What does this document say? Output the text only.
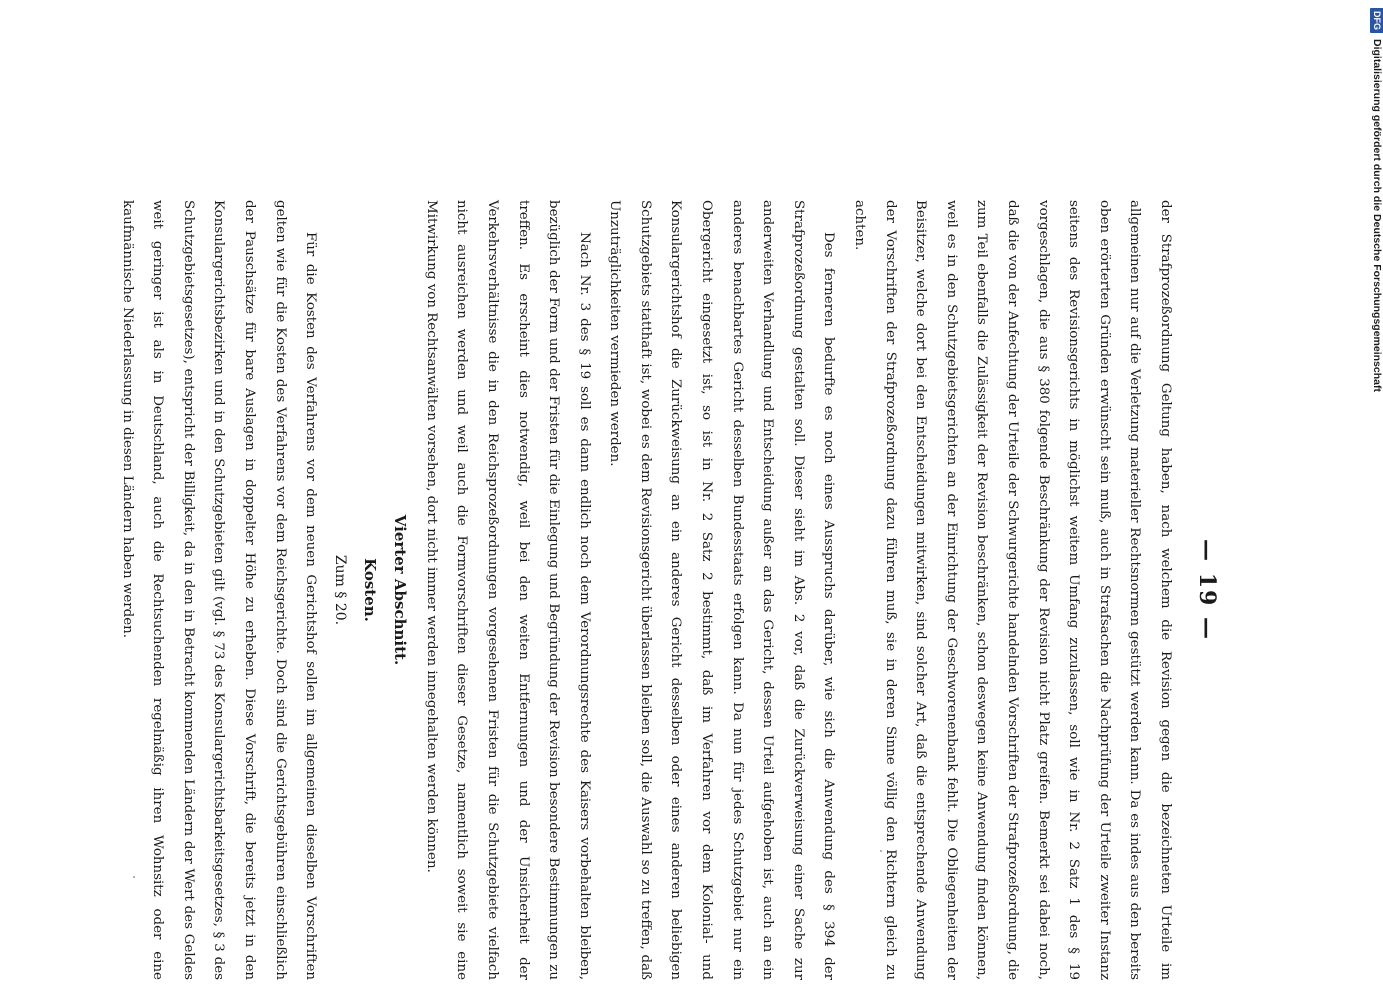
— 19 —

der Strafprozeßordnung Geltung haben, nach welchem die Revision gegen die bezeichneten Urteile im allgemeinen nur auf die Verletzung materieller Rechtsnormen gestützt werden kann. Da es indes aus den bereits oben erörterten Gründen erwünscht sein muß, auch in Strafsachen die Nachprüfung der Urteile zweiter Instanz seitens des Revisionsgerichts in möglichst weitem Umfang zuzulassen, soll wie in Nr. 2 Satz 1 des § 19 vorgeschlagen, die aus § 380 folgende Beschränkung der Revision nicht Platz greifen. Bemerkt sei dabei noch, daß die von der Anfechtung der Urteile der Schwurgerichte handelnden Vorschriften der Strafprozeßordnung, die zum Teil ebenfalls die Zulässigkeit der Revision beschränken, schon deswegen keine Anwendung finden können, weil es in den Schutzgebietsgerichten an der Einrichtung der Geschworenenbank fehlt. Die Obliegenheiten der Beisitzer, welche dort bei den Entscheidungen mitwirken, sind solcher Art, daß die entsprechende Anwendung der Vorschriften der Strafprozeßordnung dazu führen muß, sie in deren Sinne völlig den Richtern gleich zu achten.

Des ferneren bedurfte es noch eines Ausspruchs darüber, wie sich die Anwendung des § 394 der Strafprozeßordnung gestalten soll. Dieser sieht im Abs. 2 vor, daß die Zurückverweisung einer Sache zur anderweiten Verhandlung und Entscheidung außer an das Gericht, dessen Urteil aufgehoben ist, auch an ein anderes benachbartes Gericht desselben Bundesstaats erfolgen kann. Da nun für jedes Schutzgebiet nur ein Obergericht eingesetzt ist, so ist in Nr. 2 Satz 2 bestimmt, daß im Verfahren vor dem Kolonial- und Konsulargerichtshof die Zurückweisung an ein anderes Gericht desselben oder eines anderen beliebigen Schutzgebiets statthaft ist, wobei es dem Revisionsgericht überlassen bleiben soll, die Auswahl so zu treffen, daß Unzuträglichkeiten vermieden werden.

Nach Nr. 3 des § 19 soll es dann endlich noch dem Verordnungsrechte des Kaisers vorbehalten bleiben, bezüglich der Form und der Fristen für die Einlegung und Begründung der Revision besondere Bestimmungen zu treffen. Es erscheint dies notwendig, weil bei den weiten Entfernungen und der Unsicherheit der Verkehrsverhältnisse die in den Reichsprozeßordnungen vorgesehenen Fristen für die Schutzgebiete vielfach nicht ausreichen werden und weil auch die Formvorschriften dieser Gesetze, namentlich soweit sie eine Mitwirkung von Rechtsanwälten vorsehen, dort nicht immer werden innegehalten werden können.

Vierter Abschnitt.

Kosten.

Zum § 20.

Für die Kosten des Verfahrens vor dem neuen Gerichtshof sollen im allgemeinen dieselben Vorschriften gelten wie für die Kosten des Verfahrens vor dem Reichsgerichte. Doch sind die Gerichtsgebühren einschließlich der Pauschsätze für bare Auslagen in doppelter Höhe zu erheben. Diese Vorschrift, die bereits jetzt in den Konsulargerichtsbezirken und in den Schutzgebieten gilt (vgl. § 73 des Konsulargerichtsbarkeitsgesetzes, § 3 des Schutzgebietsgesetzes), entspricht der Billigkeit, da in den in Betracht kommenden Ländern der Wert des Geldes weit geringer ist als in Deutschland, auch die Rechtsuchenden regelmäßig ihren Wohnsitz oder eine kaufmännische Niederlassung in diesen Ländern haben werden.

DFG
Digitalisierung gefördert durch die Deutsche Forschungsgemeinschaft
